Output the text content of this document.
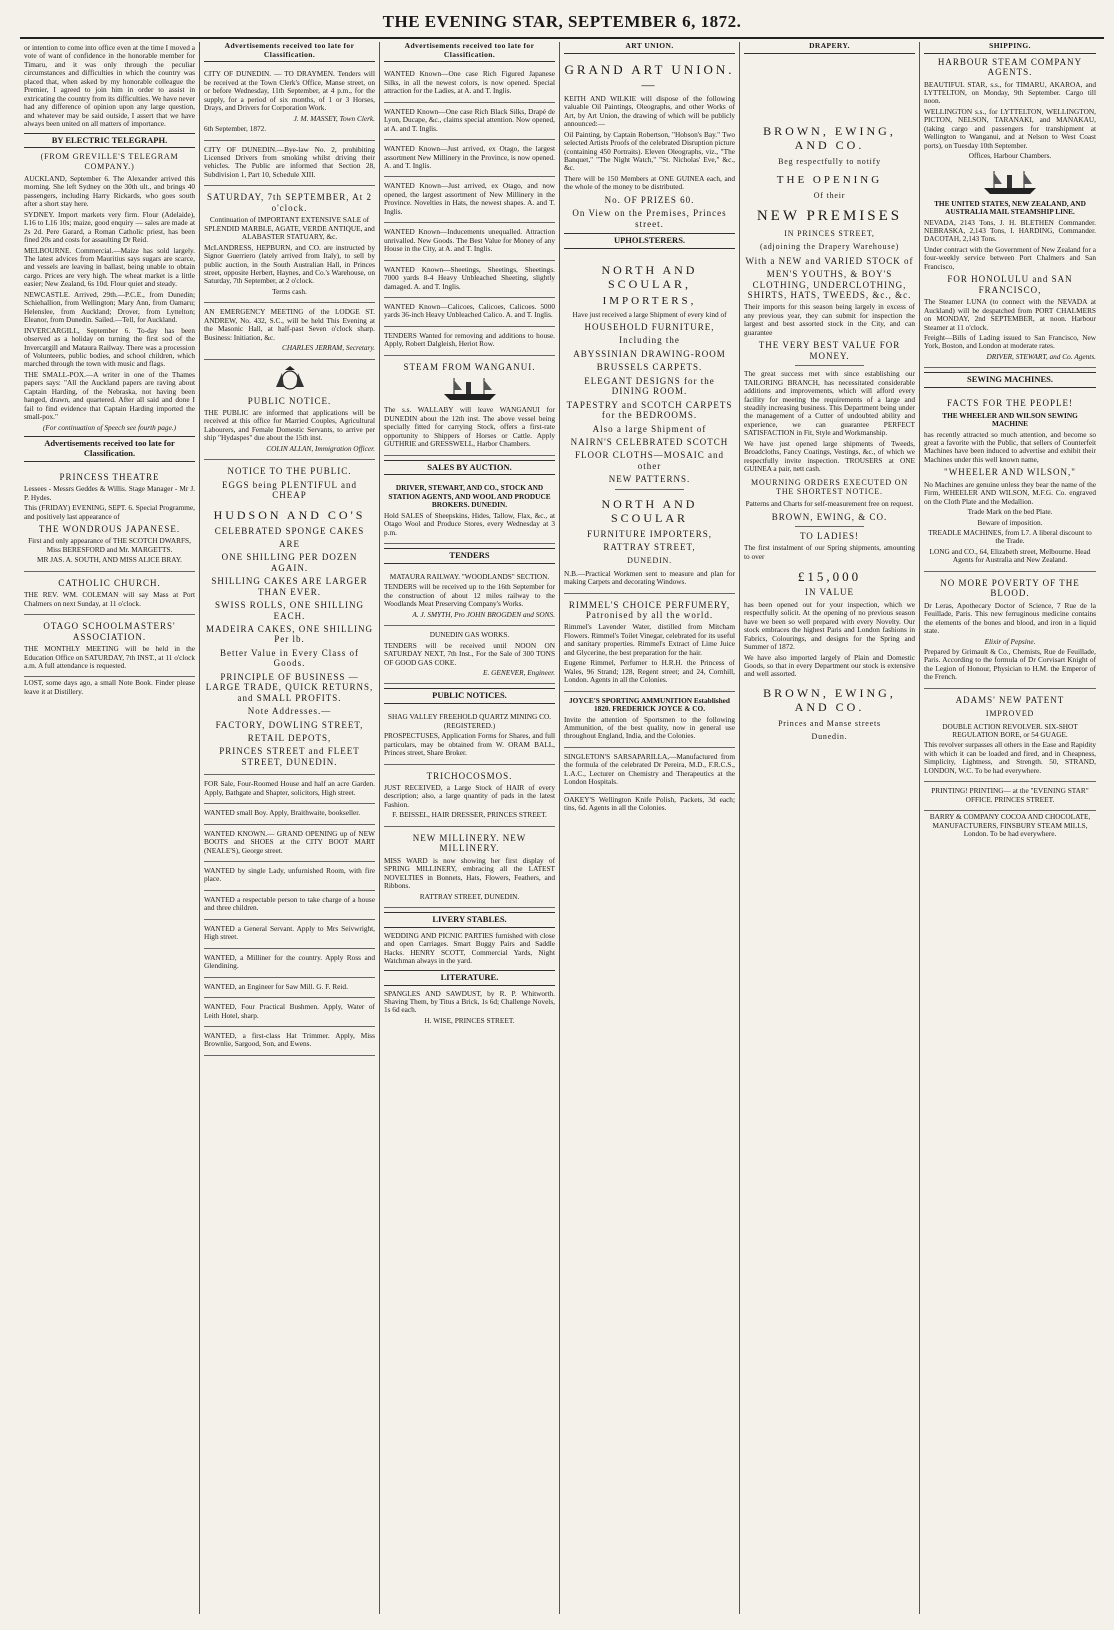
THE EVENING STAR, SEPTEMBER 6, 1872.

or intention to come into office even at the time I moved a vote of want of confidence in the honorable member for Timaru, and it was only through the peculiar circumstances and difficulties in which the country was placed that, when asked by my honorable colleague the Premier, I agreed to join him in order to assist in extricating the country from its difficulties. We have never had any difference of opinion upon any large question, and whatever may be said outside, I assert that we have always been united on all matters of importance.

BY ELECTRIC TELEGRAPH.
(FROM GREVILLE'S TELEGRAM COMPANY.)

AUCKLAND, September 6. The Alexander arrived this morning. She left Sydney on the 30th ult., and brings 40 passengers, including Harry Rickards, who goes south after a short stay here.

SYDNEY. Import markets very firm. Flour (Adelaide), L16 to L16 10s; maize, good enquiry — sales are made at 2s 2d. Pere Garard, a Roman Catholic priest, has been fined 20s and costs for assaulting Dr Reid.

MELBOURNE. Commercial.—Maize has sold largely. The latest advices from Mauritius says sugars are scarce, and vessels are leaving in ballast, being unable to obtain cargo. Prices are very high. The wheat market is a little easier; New Zealand, 6s 10d. Flour quiet and steady.

NEWCASTLE. Arrived, 29th.—P.C.E., from Dunedin; Schiehallion, from Wellington; Mary Ann, from Oamaru; Helenslee, from Auckland; Drover, from Lyttelton; Eleanor, from Dunedin. Sailed.—Tell, for Auckland.

INVERCARGILL, September 6. To-day has been observed as a holiday on turning the first sod of the Invercargill and Mataura Railway. There was a procession of Volunteers, public bodies, and school children, which marched through the town with music and flags.

THE SMALL-POX.—A writer in one of the Thames papers says: "All the Auckland papers are raving about Captain Harding, of the Nebraska, not having been hanged, drawn, and quartered. After all said and done I fail to find evidence that Captain Harding imported the small-pox."

(For continuation of Speech see fourth page.)

Advertisements received too late for Classification.
PRINCESS THEATRE

Lessees - Messrs Geddes & Willis. Stage Manager - Mr J. P. Hydes.

This (FRIDAY) EVENING, SEPT. 6. Special Programme, and positively last appearance of

THE WONDROUS JAPANESE.

First and only appearance of THE SCOTCH DWARFS, Miss BERESFORD and Mr. MARGETTS.

MR JAS. A. SOUTH, AND MISS ALICE BRAY.

CATHOLIC CHURCH.

THE REV. WM. COLEMAN will say Mass at Port Chalmers on next Sunday, at 11 o'clock.

OTAGO SCHOOLMASTERS' ASSOCIATION.

THE MONTHLY MEETING will be held in the Education Office on SATURDAY, 7th INST., at 11 o'clock a.m. A full attendance is requested.

LOST, some days ago, a small Note Book. Finder please leave it at Distillery.

Advertisements received too late for Classification.

CITY OF DUNEDIN. — TO DRAYMEN. Tenders will be received at the Town Clerk's Office, Manse street, on or before Wednesday, 11th September, at 4 p.m., for the supply, for a period of six months, of 1 or 3 Horses, Drays, and Drivers for Corporation Work.

J. M. MASSEY, Town Clerk.

6th September, 1872.

CITY OF DUNEDIN.—Bye-law No. 2, prohibiting Licensed Drivers from smoking whilst driving their vehicles. The Public are informed that Section 28, Subdivision 1, Part 10, Schedule XIII.

SATURDAY, 7th SEPTEMBER, At 2 o'clock.

Continuation of IMPORTANT EXTENSIVE SALE of SPLENDID MARBLE, AGATE, VERDE ANTIQUE, and ALABASTER STATUARY, &c.

McLANDRESS, HEPBURN, and CO. are instructed by Signor Guerriero (lately arrived from Italy), to sell by public auction, in the South Australian Hall, in Princes street, opposite Herbert, Haynes, and Co.'s Warehouse, on Saturday, 7th September, at 2 o'clock.

Terms cash.

AN EMERGENCY MEETING of the LODGE ST. ANDREW, No. 432, S.C., will be held This Evening at the Masonic Hall, at half-past Seven o'clock sharp. Business: Initiation, &c.

CHARLES JERRAM, Secretary.

PUBLIC NOTICE.

THE PUBLIC are informed that applications will be received at this office for Married Couples, Agricultural Labourers, and Female Domestic Servants, to arrive per ship "Hydaspes" due about the 15th inst.

COLIN ALLAN, Immigration Officer.

NOTICE TO THE PUBLIC.
EGGS being PLENTIFUL and CHEAP
HUDSON AND CO'S
CELEBRATED SPONGE CAKES
ARE
ONE SHILLING PER DOZEN AGAIN.
SHILLING CAKES ARE LARGER THAN EVER.
SWISS ROLLS, ONE SHILLING EACH.
MADEIRA CAKES, ONE SHILLING Per lb.
Better Value in Every Class of Goods.
PRINCIPLE OF BUSINESS — LARGE TRADE, QUICK RETURNS, and SMALL PROFITS.
Note Addresses.—
FACTORY, DOWLING STREET,
RETAIL DEPOTS,
PRINCES STREET and FLEET STREET, DUNEDIN.

FOR Sale, Four-Roomed House and half an acre Garden. Apply, Bathgate and Shapter, solicitors, High street.

WANTED small Boy. Apply, Braithwaite, bookseller.

WANTED KNOWN.— GRAND OPENING up of NEW BOOTS and SHOES at the CITY BOOT MART (NEALE'S), George street.

WANTED by single Lady, unfurnished Room, with fire place.

WANTED a respectable person to take charge of a house and three children.

WANTED a General Servant. Apply to Mrs Seivwright, High street.

WANTED, a Milliner for the country. Apply Ross and Glendining.

WANTED, an Engineer for Saw Mill. G. F. Reid.

WANTED, Four Practical Bushmen. Apply, Water of Leith Hotel, sharp.

WANTED, a first-class Hat Trimmer. Apply, Miss Brownlie, Sargood, Son, and Ewens.

Advertisements received too late for Classification.

WANTED Known—One case Rich Figured Japanese Silks, in all the newest colors, is now opened. Special attraction for the Ladies, at A. and T. Inglis.

WANTED Known—One case Rich Black Silks, Drapé de Lyon, Ducape, &c., claims special attention. Now opened, at A. and T. Inglis.

WANTED Known—Just arrived, ex Otago, the largest assortment New Millinery in the Province, is now opened. A. and T. Inglis.

WANTED Known—Just arrived, ex Otago, and now opened, the largest assortment of New Millinery in the Province. Novelties in Hats, the newest shapes. A. and T. Inglis.

WANTED Known—Inducements unequalled. Attraction unrivalled. New Goods. The Best Value for Money of any House in the City, at A. and T. Inglis.

WANTED Known—Sheetings, Sheetings, Sheetings. 7000 yards 8-4 Heavy Unbleached Sheeting, slightly damaged. A. and T. Inglis.

WANTED Known—Calicoes, Calicoes, Calicoes. 5000 yards 36-inch Heavy Unbleached Calico. A. and T. Inglis.

TENDERS Wanted for removing and additions to house. Apply, Robert Dalgleish, Heriot Row.

STEAM FROM WANGANUI.

The s.s. WALLABY will leave WANGANUI for DUNEDIN about the 12th inst. The above vessel being specially fitted for carrying Stock, offers a first-rate opportunity to Shippers of Horses or Cattle. Apply GUTHRIE and GRESSWELL, Harbor Chambers.

SALES BY AUCTION.

DRIVER, STEWART, AND CO., STOCK AND STATION AGENTS, AND WOOL AND PRODUCE BROKERS. DUNEDIN.

Hold SALES of Sheepskins, Hides, Tallow, Flax, &c., at Otago Wool and Produce Stores, every Wednesday at 3 p.m.

TENDERS

MATAURA RAILWAY. "WOODLANDS" SECTION.

TENDERS will be received up to the 16th September for the construction of about 12 miles railway to the Woodlands Meat Preserving Company's Works.

A. J. SMYTH, Pro JOHN BROGDEN and SONS.

DUNEDIN GAS WORKS.

TENDERS will be received until NOON ON SATURDAY NEXT, 7th Inst., For the Sale of 300 TONS OF GOOD GAS COKE.

E. GENEVER, Engineer.

PUBLIC NOTICES.

SHAG VALLEY FREEHOLD QUARTZ MINING CO. (REGISTERED.)

PROSPECTUSES, Application Forms for Shares, and full particulars, may be obtained from W. ORAM BALL, Princes street, Share Broker.

TRICHOCOSMOS.

JUST RECEIVED, a Large Stock of HAIR of every description; also, a large quantity of pads in the latest Fashion.

F. BEISSEL, HAIR DRESSER, PRINCES STREET.

NEW MILLINERY. NEW MILLINERY.

MISS WARD is now showing her first display of SPRING MILLINERY, embracing all the LATEST NOVELTIES in Bonnets, Hats, Flowers, Feathers, and Ribbons.

RATTRAY STREET, DUNEDIN.

LIVERY STABLES.

WEDDING AND PICNIC PARTIES furnished with close and open Carriages. Smart Buggy Pairs and Saddle Hacks. HENRY SCOTT, Commercial Yards, Night Watchman always in the yard.

LITERATURE.

SPANGLES AND SAWDUST, by R. P. Whitworth. Shaving Them, by Titus a Brick, 1s 6d; Challenge Novels, 1s 6d each.

H. WISE, PRINCES STREET.

ART UNION.
GRAND ART UNION.—

KEITH AND WILKIE will dispose of the following valuable Oil Paintings, Oleographs, and other Works of Art, by Art Union, the drawing of which will be publicly announced:—

Oil Painting, by Captain Robertson, "Hobson's Bay." Two selected Artists Proofs of the celebrated Disruption picture (containing 450 Portraits). Eleven Oleographs, viz., "The Banquet," "The Night Watch," "St. Nicholas' Eve," &c., &c.

There will be 150 Members at ONE GUINEA each, and the whole of the money to be distributed.

No. OF PRIZES 60.
On View on the Premises, Princes street.
UPHOLSTERERS.
NORTH AND SCOULAR,
IMPORTERS,

Have just received a large Shipment of every kind of

HOUSEHOLD FURNITURE,
Including the
ABYSSINIAN DRAWING-ROOM
BRUSSELS CARPETS.
ELEGANT DESIGNS for the DINING ROOM.
TAPESTRY and SCOTCH CARPETS for the BEDROOMS.
Also a large Shipment of
NAIRN'S CELEBRATED SCOTCH
FLOOR CLOTHS—MOSAIC and other
NEW PATTERNS.
NORTH AND SCOULAR
FURNITURE IMPORTERS,
RATTRAY STREET,
DUNEDIN.

N.B.—Practical Workmen sent to measure and plan for making Carpets and decorating Windows.

RIMMEL'S CHOICE PERFUMERY, Patronised by all the world.

Rimmel's Lavender Water, distilled from Mitcham Flowers. Rimmel's Toilet Vinegar, celebrated for its useful and sanitary properties. Rimmel's Extract of Lime Juice and Glycerine, the best preparation for the hair.

Eugene Rimmel, Perfumer to H.R.H. the Princess of Wales, 96 Strand; 128, Regent street; and 24, Cornhill, London. Agents in all the Colonies.

JOYCE'S SPORTING AMMUNITION Established 1820. FREDERICK JOYCE & CO.

Invite the attention of Sportsmen to the following Ammunition, of the best quality, now in general use throughout England, India, and the Colonies.

SINGLETON'S SARSAPARILLA,—Manufactured from the formula of the celebrated Dr Pereira, M.D., F.R.C.S., L.A.C., Lecturer on Chemistry and Therapeutics at the London Hospitals.

OAKEY'S Wellington Knife Polish, Packets, 3d each; tins, 6d. Agents in all the Colonies.

DRAPERY.
BROWN, EWING, AND CO.
Beg respectfully to notify
THE OPENING
Of their
NEW PREMISES
IN PRINCES STREET,
(adjoining the Drapery Warehouse)
With a NEW and VARIED STOCK of
MEN'S YOUTHS, & BOY'S CLOTHING, UNDERCLOTHING, SHIRTS, HATS, TWEEDS, &c., &c.

Their imports for this season being largely in excess of any previous year, they can submit for inspection the largest and best assorted stock in the City, and can guarantee

THE VERY BEST VALUE FOR MONEY.

The great success met with since establishing our TAILORING BRANCH, has necessitated considerable additions and improvements, which will afford every facility for meeting the requirements of a large and steadily increasing business. This Department being under the management of a Cutter of undoubted ability and experience, we can guarantee PERFECT SATISFACTION in Fit, Style and Workmanship.

We have just opened large shipments of Tweeds, Broadcloths, Fancy Coatings, Vestings, &c., of which we respectfully invite inspection. TROUSERS at ONE GUINEA a pair, nett cash.

MOURNING ORDERS EXECUTED ON THE SHORTEST NOTICE.

Patterns and Charts for self-measurement free on request.

BROWN, EWING, & CO.
TO LADIES!

The first instalment of our Spring shipments, amounting to over

£15,000
IN VALUE

has been opened out for your inspection, which we respectfully solicit. At the opening of no previous season have we been so well prepared with every Novelty. Our stock embraces the highest Paris and London fashions in Fabrics, Colourings, and designs for the Spring and Summer of 1872.

We have also imported largely of Plain and Domestic Goods, so that in every Department our stock is extensive and well assorted.

BROWN, EWING, AND CO.
Princes and Manse streets
Dunedin.
SHIPPING.
HARBOUR STEAM COMPANY AGENTS.

BEAUTIFUL STAR, s.s., for TIMARU, AKAROA, and LYTTELTON, on Monday, 9th September. Cargo till noon.

WELLINGTON s.s., for LYTTELTON, WELLINGTON, PICTON, NELSON, TARANAKI, and MANAKAU, (taking cargo and passengers for transhipment at Wellington to Wanganui, and at Nelson to West Coast ports), on Tuesday 10th September.

Offices, Harbour Chambers.

THE UNITED STATES, NEW ZEALAND, AND AUSTRALIA MAIL STEAMSHIP LINE.

NEVADA, 2143 Tons, J. H. BLETHEN Commander. NEBRASKA, 2,143 Tons, I. HARDING, Commander. DACOTAH, 2,143 Tons.

Under contract with the Government of New Zealand for a four-weekly service between Port Chalmers and San Francisco,

FOR HONOLULU and SAN FRANCISCO,

The Steamer LUNA (to connect with the NEVADA at Auckland) will be despatched from PORT CHALMERS on MONDAY, 2nd SEPTEMBER, at noon. Harbour Steamer at 11 o'clock.

Freight—Bills of Lading issued to San Francisco, New York, Boston, and London at moderate rates.

DRIVER, STEWART, and Co. Agents.

SEWING MACHINES.
FACTS FOR THE PEOPLE!

THE WHEELER AND WILSON SEWING MACHINE

has recently attracted so much attention, and become so great a favorite with the Public, that sellers of Counterfeit Machines have been induced to advertise and exhibit their Machines under this well known name,

"WHEELER AND WILSON,"

No Machines are genuine unless they bear the name of the Firm, WHEELER AND WILSON, M.F.G. Co. engraved on the Cloth Plate and the Medallion.

Trade Mark on the bed Plate.

Beware of imposition.

TREADLE MACHINES, from L7. A liberal discount to the Trade.

LONG and CO., 64, Elizabeth street, Melbourne. Head Agents for Australia and New Zealand.

NO MORE POVERTY OF THE BLOOD.

Dr Leras, Apothecary Doctor of Science, 7 Rue de la Feuillade, Paris. This new ferruginous medicine contains the elements of the bones and blood, and iron in a liquid state.

Elixir of Pepsine.

Prepared by Grimault & Co., Chemists, Rue de Feuillade, Paris. According to the formula of Dr Corvisart Knight of the Legion of Honour, Physician to H.M. the Emperor of the French.

ADAMS' NEW PATENT
IMPROVED

DOUBLE ACTION REVOLVER. SIX-SHOT REGULATION BORE, or 54 GUAGE.

This revolver surpasses all others in the Ease and Rapidity with which it can be loaded and fired, and in Cheapness, Simplicity, Lightness, and Strength. 50, STRAND, LONDON, W.C. To be had everywhere.

PRINTING! PRINTING— at the "EVENING STAR" OFFICE. PRINCES STREET.

BARRY & COMPANY COCOA AND CHOCOLATE, MANUFACTURERS, FINSBURY STEAM MILLS, London. To be had everywhere.
